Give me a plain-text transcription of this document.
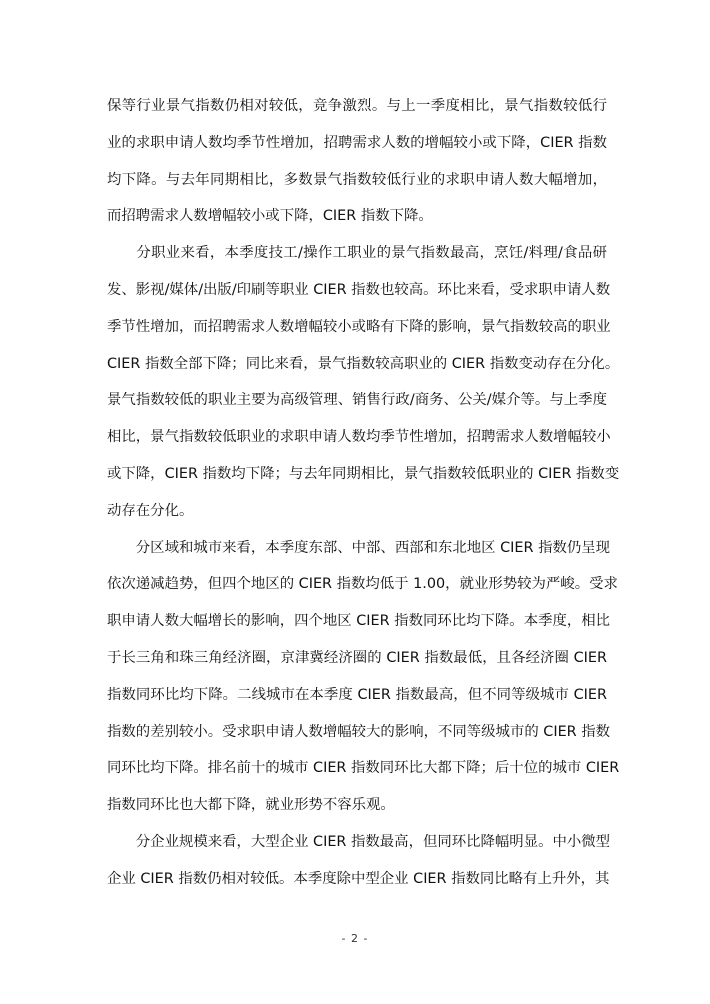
保等行业景气指数仍相对较低，竞争激烈。与上一季度相比，景气指数较低行
业的求职申请人数均季节性增加，招聘需求人数的增幅较小或下降，CIER 指数
均下降。与去年同期相比，多数景气指数较低行业的求职申请人数大幅增加，
而招聘需求人数增幅较小或下降，CIER 指数下降。
　　分职业来看，本季度技工/操作工职业的景气指数最高，烹饪/料理/食品研
发、影视/媒体/出版/印刷等职业 CIER 指数也较高。环比来看，受求职申请人数
季节性增加，而招聘需求人数增幅较小或略有下降的影响，景气指数较高的职业
CIER 指数全部下降；同比来看，景气指数较高职业的 CIER 指数变动存在分化。
景气指数较低的职业主要为高级管理、销售行政/商务、公关/媒介等。与上季度
相比，景气指数较低职业的求职申请人数均季节性增加，招聘需求人数增幅较小
或下降，CIER 指数均下降；与去年同期相比，景气指数较低职业的 CIER 指数变
动存在分化。
　　分区域和城市来看，本季度东部、中部、西部和东北地区 CIER 指数仍呈现
依次递减趋势，但四个地区的 CIER 指数均低于 1.00，就业形势较为严峻。受求
职申请人数大幅增长的影响，四个地区 CIER 指数同环比均下降。本季度，相比
于长三角和珠三角经济圈，京津冀经济圈的 CIER 指数最低，且各经济圈 CIER
指数同环比均下降。二线城市在本季度 CIER 指数最高，但不同等级城市 CIER
指数的差别较小。受求职申请人数增幅较大的影响，不同等级城市的 CIER 指数
同环比均下降。排名前十的城市 CIER 指数同环比大都下降；后十位的城市 CIER
指数同环比也大都下降，就业形势不容乐观。
　　分企业规模来看，大型企业 CIER 指数最高，但同环比降幅明显。中小微型
企业 CIER 指数仍相对较低。本季度除中型企业 CIER 指数同比略有上升外，其
- 2 -
